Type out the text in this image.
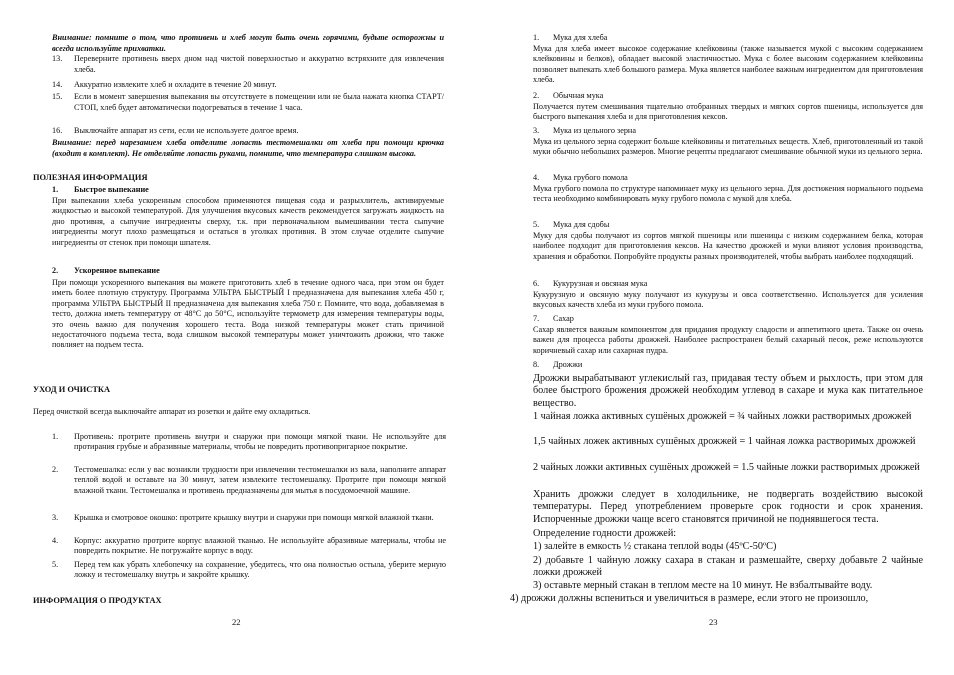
Внимание: помните о том, что противень и хлеб могут быть очень горячими, будьте осторожны и всегда используйте прихватки.
13. Переверните противень вверх дном над чистой поверхностью и аккуратно встряхните для извлечения хлеба.
14. Аккуратно извлеките хлеб и охладите в течение 20 минут.
15. Если в момент завершения выпекания вы отсутствуете в помещении или не была нажата кнопка СТАРТ/СТОП, хлеб будет автоматически подогреваться в течение 1 часа.
16. Выключайте аппарат из сети, если не используете долгое время.
Внимание: перед нарезанием хлеба отделите лопасть тестомешалки от хлеба при помощи крючка (входит в комплект). Не отделяйте лопасть руками, помните, что температура слишком высока.
ПОЛЕЗНАЯ ИНФОРМАЦИЯ
1. Быстрое выпекание
При выпекании хлеба ускоренным способом применяются пищевая сода и разрыхлитель, активируемые жидкостью и высокой температурой. Для улучшения вкусовых качеств рекомендуется загружать жидкость на дно противня, а сыпучие ингредиенты сверху, т.к. при первоначальном вымешивании теста сыпучие ингредиенты могут плохо размещаться и остаться в уголках противня. В этом случае отделите сыпучие ингредиенты от стенок при помощи шпателя.
2. Ускоренное выпекание
При помощи ускоренного выпекания вы можете приготовить хлеб в течение одного часа, при этом он будет иметь более плотную структуру. Программа УЛЬТРА БЫСТРЫЙ I предназначена для выпекания хлеба 450 г, программа УЛЬТРА БЫСТРЫЙ II предназначена для выпекания хлеба 750 г. Помните, что вода, добавляемая в тесто, должна иметь температуру от 48°С до 50°С, используйте термометр для измерения температуры воды, это очень важно для получения хорошего теста. Вода низкой температуры может стать причиной недостаточного подъема теста, вода слишком высокой температуры может уничтожить дрожжи, что также повлияет на подъем теста.
УХОД И ОЧИСТКА
Перед очисткой всегда выключайте аппарат из розетки и дайте ему охладиться.
1. Противень: протрите противень внутри и снаружи при помощи мягкой ткани. Не используйте для протирания грубые и абразивные материалы, чтобы не повредить противопригарное покрытие.
2. Тестомешалка: если у вас возникли трудности при извлечении тестомешалки из вала, наполните аппарат теплой водой и оставьте на 30 минут, затем извлеките тестомешалку. Протрите при помощи мягкой влажной ткани. Тестомешалка и противень предназначены для мытья в посудомоечной машине.
3. Крышка и смотровое окошко: протрите крышку внутри и снаружи при помощи мягкой влажной ткани.
4. Корпус: аккуратно протрите корпус влажной тканью. Не используйте абразивные материалы, чтобы не повредить покрытие. Не погружайте корпус в воду.
5. Перед тем как убрать хлебопечку на сохранение, убедитесь, что она полностью остыла, уберите мерную ложку и тестомешалку внутрь и закройте крышку.
ИНФОРМАЦИЯ О ПРОДУКТАХ
22	23
1. Мука для хлеба
Мука для хлеба имеет высокое содержание клейковины (также называется мукой с высоким содержанием клейковины и белков), обладает высокой эластичностью. Мука с более высоким содержанием клейковины позволяет выпекать хлеб большого размера. Мука является наиболее важным ингредиентом для приготовления хлеба.
2. Обычная мука
Получается путем смешивания тщательно отобранных твердых и мягких сортов пшеницы, используется для быстрого выпекания хлеба и для приготовления кексов.
3. Мука из цельного зерна
Мука из цельного зерна содержит больше клейковины и питательных веществ. Хлеб, приготовленный из такой муки обычно небольших размеров. Многие рецепты предлагают смешивание обычной муки из цельного зерна.
4. Мука грубого помола
Мука грубого помола по структуре напоминает муку из цельного зерна. Для достижения нормального подъема теста необходимо комбинировать муку грубого помола с мукой для хлеба.
5. Мука для сдобы
Муку для сдобы получают из сортов мягкой пшеницы или пшеницы с низким содержанием белка, которая наиболее подходит для приготовления кексов. На качество дрожжей и муки влияют условия производства, хранения и обработки. Попробуйте продукты разных производителей, чтобы выбрать наиболее подходящий.
6. Кукурузная и овсяная мука
Кукурузную и овсяную муку получают из кукурузы и овса соответственно. Используется для усиления вкусовых качеств хлеба из муки грубого помола.
7. Сахар
Сахар является важным компонентом для придания продукту сладости и аппетитного цвета. Также он очень важен для процесса работы дрожжей. Наиболее распространен белый сахарный песок, реже используются коричневый сахар или сахарная пудра.
8. Дрожжи
Дрожжи вырабатывают углекислый газ, придавая тесту объем и рыхлость, при этом для более быстрого брожения дрожжей необходим углевод в сахаре и мука как питательное вещество.
1 чайная ложка активных сушёных дрожжей = ¾ чайных ложки растворимых дрожжей
1,5 чайных ложек активных сушёных дрожжей = 1 чайная ложка растворимых дрожжей
2 чайных ложки активных сушёных дрожжей = 1.5 чайные ложки растворимых дрожжей
Хранить дрожжи следует в холодильнике, не подвергать воздействию высокой температуры. Перед употреблением проверьте срок годности и срок хранения. Испорченные дрожжи чаще всего становятся причиной не поднявшегося теста.
Определение годности дрожжей:
1) залейте в емкость ½ стакана теплой воды (45ºС-50ºС)
2) добавьте 1 чайную ложку сахара в стакан и размешайте, сверху добавьте 2 чайные ложки дрожжей
3) оставьте мерный стакан в теплом месте на 10 минут. Не взбалтывайте воду.
4) дрожжи должны вспениться и увеличиться в размере, если этого не произошло,
